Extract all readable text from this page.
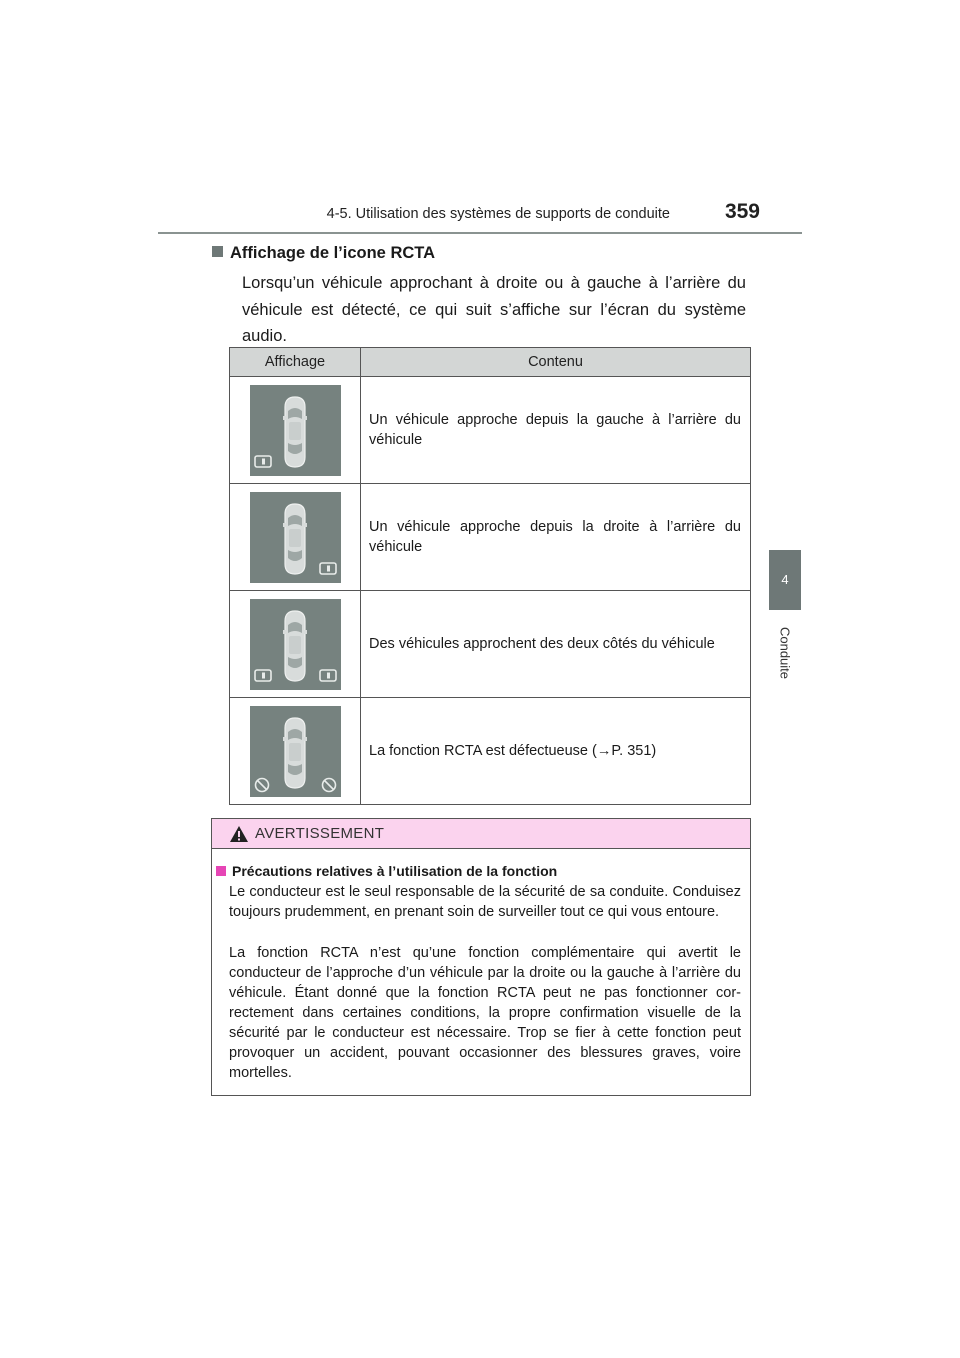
4-5. Utilisation des systèmes de supports de conduite	359
4
Conduite
Affichage de l’icone RCTA
Lorsqu’un véhicule approchant à droite ou à gauche à l’arrière du véhicule est détecté, ce qui suit s’affiche sur l’écran du système audio.
Affichage	Contenu

	Un véhicule approche depuis la gauche à l’arrière du véhicule

	Un véhicule approche depuis la droite à l’arrière du véhicule

	Des véhicules approchent des deux côtés du véhicule

	La fonction RCTA est défectueuse (→P. 351)
AVERTISSEMENT
Précautions relatives à l’utilisation de la fonction
Le conducteur est le seul responsable de la sécurité de sa conduite. Conduisez toujours prudemment, en prenant soin de surveiller tout ce qui vous entoure.
La fonction RCTA n’est qu’une fonction complémentaire qui avertit le conducteur de l’approche d’un véhicule par la droite ou la gauche à l’arrière du véhicule. Étant donné que la fonction RCTA peut ne pas fonctionner cor-rectement dans certaines conditions, la propre confirmation visuelle de la sécurité par le conducteur est nécessaire. Trop se fier à cette fonction peut provoquer un accident, pouvant occasionner des blessures graves, voire mortelles.
